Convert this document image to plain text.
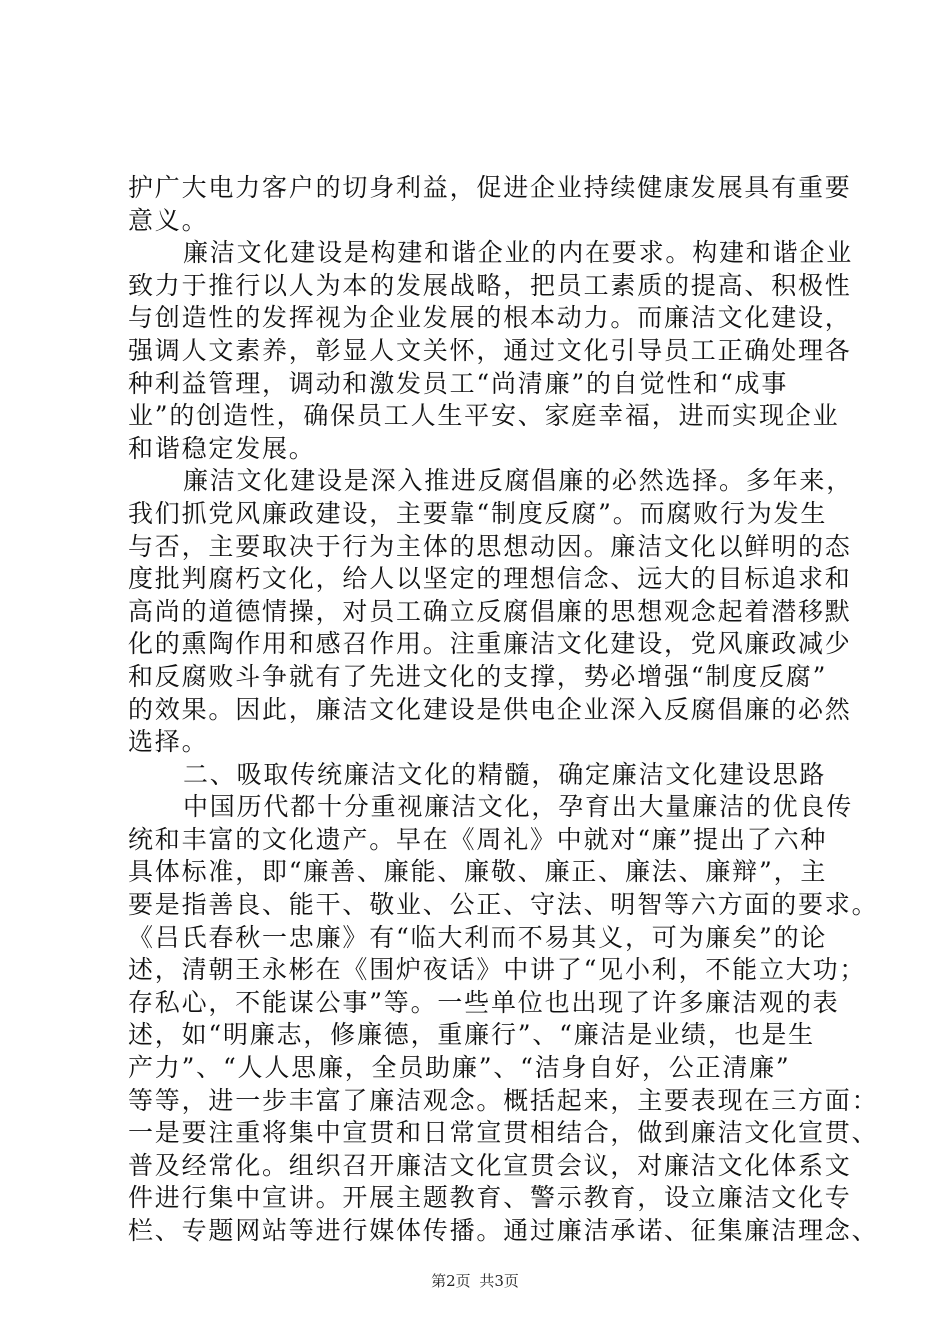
护广大电力客户的切身利益，促进企业持续健康发展具有重要
意义。
廉洁文化建设是构建和谐企业的内在要求。构建和谐企业
致力于推行以人为本的发展战略，把员工素质的提高、积极性
与创造性的发挥视为企业发展的根本动力。而廉洁文化建设，
强调人文素养，彰显人文关怀，通过文化引导员工正确处理各
种利益管理，调动和激发员工“尚清廉”的自觉性和“成事
业”的创造性，确保员工人生平安、家庭幸福，进而实现企业
和谐稳定发展。
廉洁文化建设是深入推进反腐倡廉的必然选择。多年来，
我们抓党风廉政建设，主要靠“制度反腐”。而腐败行为发生
与否，主要取决于行为主体的思想动因。廉洁文化以鲜明的态
度批判腐朽文化，给人以坚定的理想信念、远大的目标追求和
高尚的道德情操，对员工确立反腐倡廉的思想观念起着潜移默
化的熏陶作用和感召作用。注重廉洁文化建设，党风廉政减少
和反腐败斗争就有了先进文化的支撑，势必增强“制度反腐”
的效果。因此，廉洁文化建设是供电企业深入反腐倡廉的必然
选择。
二、吸取传统廉洁文化的精髓，确定廉洁文化建设思路
中国历代都十分重视廉洁文化，孕育出大量廉洁的优良传
统和丰富的文化遗产。早在《周礼》中就对“廉”提出了六种
具体标准，即“廉善、廉能、廉敬、廉正、廉法、廉辩”，主
要是指善良、能干、敬业、公正、守法、明智等六方面的要求。
《吕氏春秋一忠廉》有“临大利而不易其义，可为廉矣”的论
述，清朝王永彬在《围炉夜话》中讲了“见小利，不能立大功；
存私心，不能谋公事”等。一些单位也出现了许多廉洁观的表
述，如“明廉志，修廉德，重廉行”、“廉洁是业绩，也是生
产力”、“人人思廉，全员助廉”、“洁身自好，公正清廉”
等等，进一步丰富了廉洁观念。概括起来，主要表现在三方面：
一是要注重将集中宣贯和日常宣贯相结合，做到廉洁文化宣贯、
普及经常化。组织召开廉洁文化宣贯会议，对廉洁文化体系文
件进行集中宣讲。开展主题教育、警示教育，设立廉洁文化专
栏、专题网站等进行媒体传播。通过廉洁承诺、征集廉洁理念、
第2页 共3页
